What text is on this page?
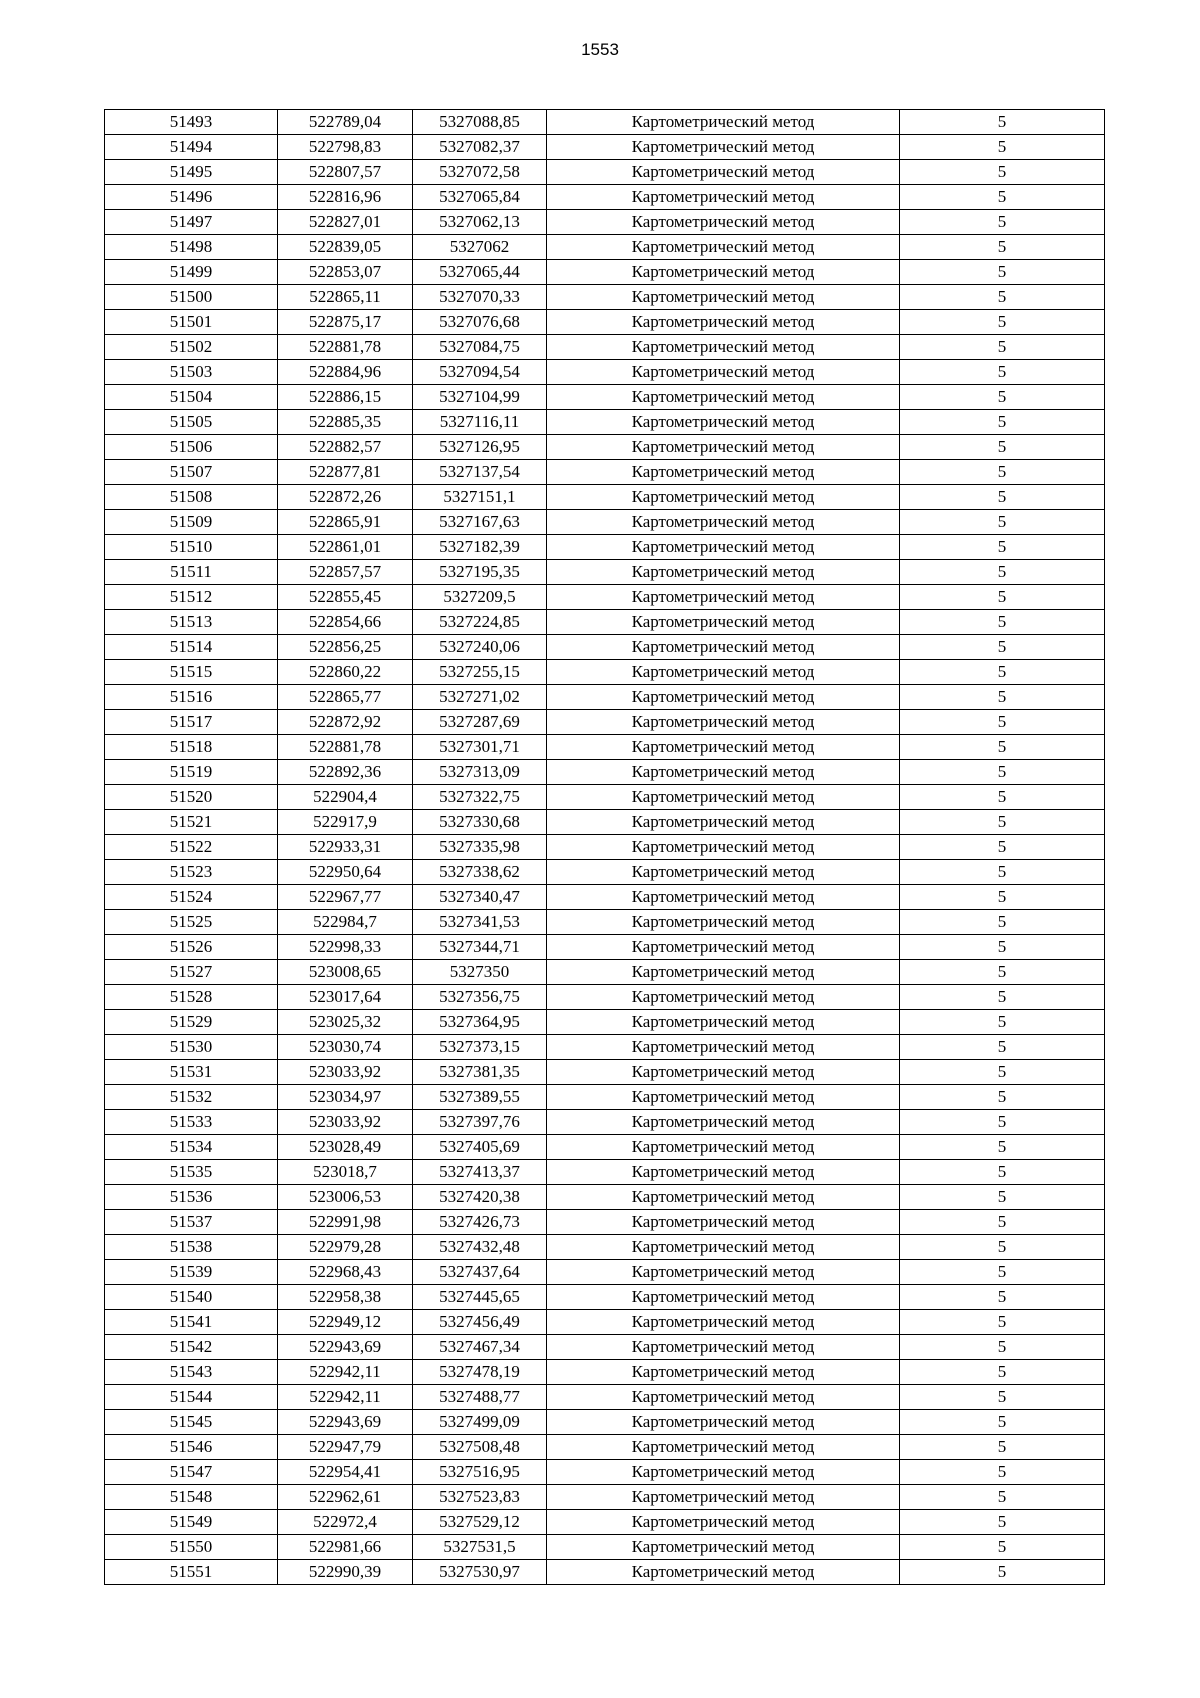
1553
51493	522789,04	5327088,85	Картометрический метод	5
51494	522798,83	5327082,37	Картометрический метод	5
51495	522807,57	5327072,58	Картометрический метод	5
51496	522816,96	5327065,84	Картометрический метод	5
51497	522827,01	5327062,13	Картометрический метод	5
51498	522839,05	5327062	Картометрический метод	5
51499	522853,07	5327065,44	Картометрический метод	5
51500	522865,11	5327070,33	Картометрический метод	5
51501	522875,17	5327076,68	Картометрический метод	5
51502	522881,78	5327084,75	Картометрический метод	5
51503	522884,96	5327094,54	Картометрический метод	5
51504	522886,15	5327104,99	Картометрический метод	5
51505	522885,35	5327116,11	Картометрический метод	5
51506	522882,57	5327126,95	Картометрический метод	5
51507	522877,81	5327137,54	Картометрический метод	5
51508	522872,26	5327151,1	Картометрический метод	5
51509	522865,91	5327167,63	Картометрический метод	5
51510	522861,01	5327182,39	Картометрический метод	5
51511	522857,57	5327195,35	Картометрический метод	5
51512	522855,45	5327209,5	Картометрический метод	5
51513	522854,66	5327224,85	Картометрический метод	5
51514	522856,25	5327240,06	Картометрический метод	5
51515	522860,22	5327255,15	Картометрический метод	5
51516	522865,77	5327271,02	Картометрический метод	5
51517	522872,92	5327287,69	Картометрический метод	5
51518	522881,78	5327301,71	Картометрический метод	5
51519	522892,36	5327313,09	Картометрический метод	5
51520	522904,4	5327322,75	Картометрический метод	5
51521	522917,9	5327330,68	Картометрический метод	5
51522	522933,31	5327335,98	Картометрический метод	5
51523	522950,64	5327338,62	Картометрический метод	5
51524	522967,77	5327340,47	Картометрический метод	5
51525	522984,7	5327341,53	Картометрический метод	5
51526	522998,33	5327344,71	Картометрический метод	5
51527	523008,65	5327350	Картометрический метод	5
51528	523017,64	5327356,75	Картометрический метод	5
51529	523025,32	5327364,95	Картометрический метод	5
51530	523030,74	5327373,15	Картометрический метод	5
51531	523033,92	5327381,35	Картометрический метод	5
51532	523034,97	5327389,55	Картометрический метод	5
51533	523033,92	5327397,76	Картометрический метод	5
51534	523028,49	5327405,69	Картометрический метод	5
51535	523018,7	5327413,37	Картометрический метод	5
51536	523006,53	5327420,38	Картометрический метод	5
51537	522991,98	5327426,73	Картометрический метод	5
51538	522979,28	5327432,48	Картометрический метод	5
51539	522968,43	5327437,64	Картометрический метод	5
51540	522958,38	5327445,65	Картометрический метод	5
51541	522949,12	5327456,49	Картометрический метод	5
51542	522943,69	5327467,34	Картометрический метод	5
51543	522942,11	5327478,19	Картометрический метод	5
51544	522942,11	5327488,77	Картометрический метод	5
51545	522943,69	5327499,09	Картометрический метод	5
51546	522947,79	5327508,48	Картометрический метод	5
51547	522954,41	5327516,95	Картометрический метод	5
51548	522962,61	5327523,83	Картометрический метод	5
51549	522972,4	5327529,12	Картометрический метод	5
51550	522981,66	5327531,5	Картометрический метод	5
51551	522990,39	5327530,97	Картометрический метод	5
